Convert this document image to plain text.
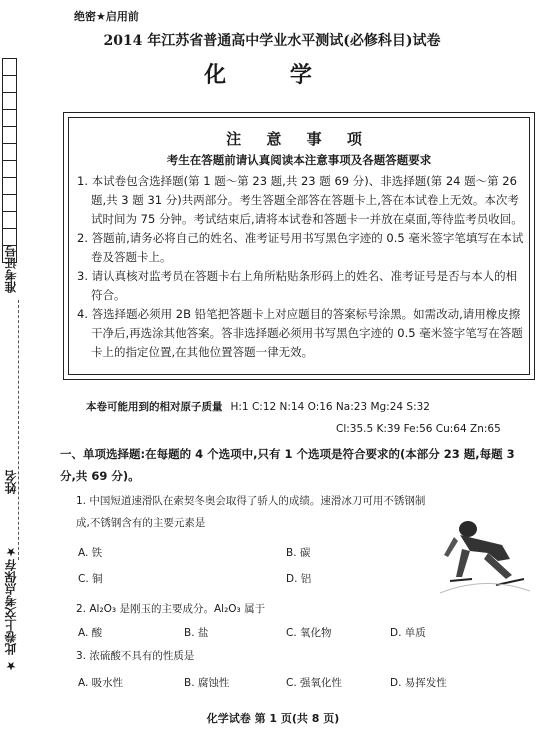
准考证号
姓名
★ 此卷上交考点保存★
绝密★启用前
2014 年江苏省普通高中学业水平测试(必修科目)试卷
化 学
注 意 事 项
考生在答题前请认真阅读本注意事项及各题答题要求

1. 本试卷包含选择题(第 1 题～第 23 题,共 23 题 69 分)、非选择题(第 24 题～第 26 题,共 3 题 31 分)共两部分。考生答题全部答在答题卡上,答在本试卷上无效。本次考试时间为 75 分钟。考试结束后,请将本试卷和答题卡一并放在桌面,等待监考员收回。

2. 答题前,请务必将自己的姓名、准考证号用书写黑色字迹的 0.5 毫米签字笔填写在本试卷及答题卡上。

3. 请认真核对监考员在答题卡右上角所粘贴条形码上的姓名、准考证号是否与本人的相符合。

4. 答选择题必须用 2B 铅笔把答题卡上对应题目的答案标号涂黑。如需改动,请用橡皮擦干净后,再选涂其他答案。答非选择题必须用书写黑色字迹的 0.5 毫米签字笔写在答题卡上的指定位置,在其他位置答题一律无效。

本卷可能用到的相对原子质量 H:1 C:12 N:14 O:16 Na:23 Mg:24 S:32
Cl:35.5 K:39 Fe:56 Cu:64 Zn:65
一、单项选择题:在每题的 4 个选项中,只有 1 个选项是符合要求的(本部分 23 题,每题 3 分,共 69 分)。
1. 中国短道速滑队在索契冬奥会取得了骄人的成绩。速滑冰刀可用不锈钢制成,不锈钢含有的主要元素是
A. 铁	B. 碳
C. 铜	D. 铝
2. Al₂O₃ 是刚玉的主要成分。Al₂O₃ 属于
A. 酸	B. 盐	C. 氧化物	D. 单质
3. 浓硫酸不具有的性质是
A. 吸水性	B. 腐蚀性	C. 强氧化性	D. 易挥发性
化学试卷 第 1 页(共 8 页)
